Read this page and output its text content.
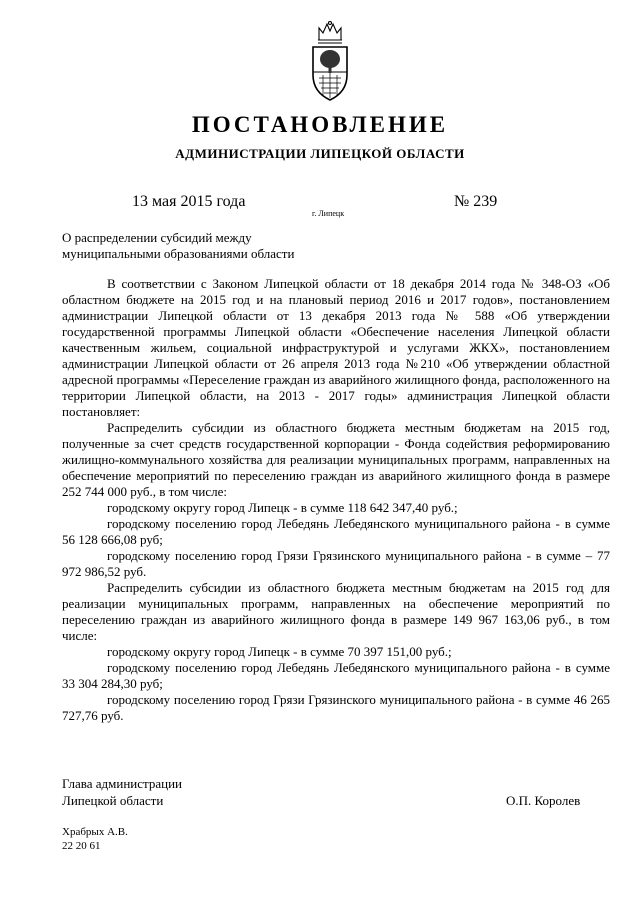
ПОСТАНОВЛЕНИЕ
АДМИНИСТРАЦИИ ЛИПЕЦКОЙ ОБЛАСТИ
13 мая 2015 года
г. Липецк
№ 239
О распределении субсидий между
муниципальными образованиями области

В соответствии с Законом Липецкой области от 18 декабря 2014 года № 348-ОЗ «Об областном бюджете на 2015 год и на плановый период 2016 и 2017 годов», постановлением администрации Липецкой области от 13 декабря 2013 года № 588 «Об утверждении государственной программы Липецкой области «Обеспечение населения Липецкой области качественным жильем, социальной инфраструктурой и услугами ЖКХ», постановлением администрации Липецкой области от 26 апреля 2013 года №210 «Об утверждении областной адресной программы «Переселение граждан из аварийного жилищного фонда, расположенного на территории Липецкой области, на 2013 - 2017 годы» администрация Липецкой области постановляет:

Распределить субсидии из областного бюджета местным бюджетам на 2015 год, полученные за счет средств государственной корпорации - Фонда содействия реформированию жилищно-коммунального хозяйства для реализации муниципальных программ, направленных на обеспечение мероприятий по переселению граждан из аварийного жилищного фонда в размере 252 744 000 руб., в том числе:

городскому округу город Липецк - в сумме 118 642 347,40 руб.;

городскому поселению город Лебедянь Лебедянского муниципального района - в сумме 56 128 666,08 руб;

городскому поселению город Грязи Грязинского муниципального района - в сумме – 77 972 986,52 руб.

Распределить субсидии из областного бюджета местным бюджетам на 2015 год для реализации муниципальных программ, направленных на обеспечение мероприятий по переселению граждан из аварийного жилищного фонда в размере 149 967 163,06 руб., в том числе:

городскому округу город Липецк - в сумме 70 397 151,00 руб.;

городскому поселению город Лебедянь Лебедянского муниципального района - в сумме 33 304 284,30 руб;

городскому поселению город Грязи Грязинского муниципального района - в сумме 46 265 727,76 руб.

Глава администрации
Липецкой области	О.П. Королев
Храбрых А.В.
22 20 61
